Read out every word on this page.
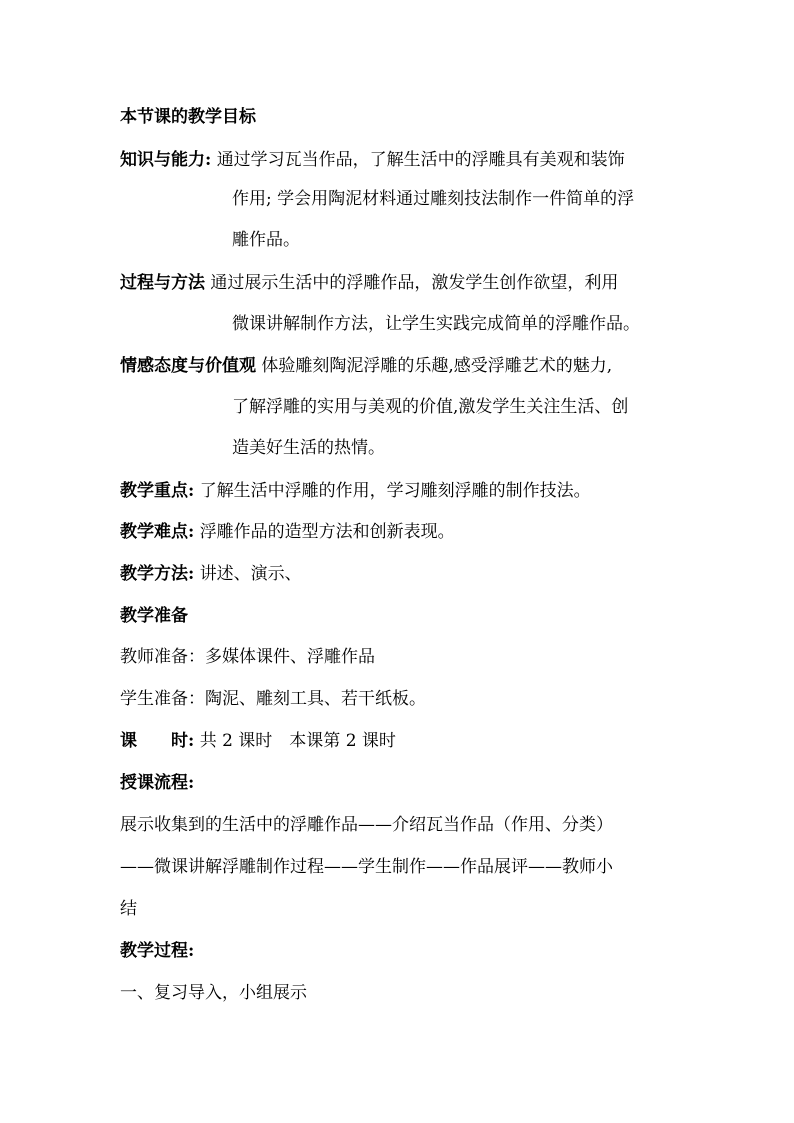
本节课的教学目标
知识与能力: 通过学习瓦当作品，了解生活中的浮雕具有美观和装饰
作用; 学会用陶泥材料通过雕刻技法制作一件简单的浮
雕作品。
过程与方法 通过展示生活中的浮雕作品，激发学生创作欲望，利用
微课讲解制作方法，让学生实践完成简单的浮雕作品。
情感态度与价值观 体验雕刻陶泥浮雕的乐趣,感受浮雕艺术的魅力,
了解浮雕的实用与美观的价值,激发学生关注生活、创
造美好生活的热情。
教学重点: 了解生活中浮雕的作用，学习雕刻浮雕的制作技法。
教学难点: 浮雕作品的造型方法和创新表现。
教学方法: 讲述、演示、
教学准备
教师准备：多媒体课件、浮雕作品
学生准备：陶泥、雕刻工具、若干纸板。
课　　时: 共 2 课时　本课第 2 课时
授课流程:
展示收集到的生活中的浮雕作品——介绍瓦当作品（作用、分类）
——微课讲解浮雕制作过程——学生制作——作品展评——教师小
结
教学过程:
一、复习导入，小组展示
